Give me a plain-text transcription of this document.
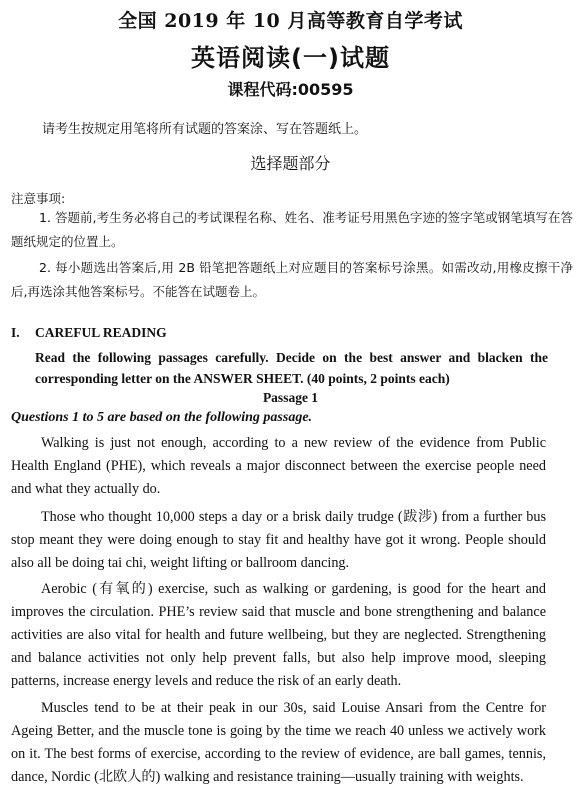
全国 2019 年 10 月高等教育自学考试
英语阅读(一)试题
课程代码:00595
请考生按规定用笔将所有试题的答案涂、写在答题纸上。
选择题部分
注意事项:

1. 答题前,考生务必将自己的考试课程名称、姓名、准考证号用黑色字迹的签字笔或钢笔填写在答题纸规定的位置上。

2. 每小题选出答案后,用 2B 铅笔把答题纸上对应题目的答案标号涂黑。如需改动,用橡皮擦干净后,再选涂其他答案标号。不能答在试题卷上。

I. CAREFUL READING

Read the following passages carefully. Decide on the best answer and blacken the corresponding letter on the ANSWER SHEET. (40 points, 2 points each)

Passage 1
Questions 1 to 5 are based on the following passage.

Walking is just not enough, according to a new review of the evidence from Public Health England (PHE), which reveals a major disconnect between the exercise people need and what they actually do.

Those who thought 10,000 steps a day or a brisk daily trudge (跋涉) from a further bus stop meant they were doing enough to stay fit and healthy have got it wrong. People should also all be doing tai chi, weight lifting or ballroom dancing.

Aerobic (有氧的) exercise, such as walking or gardening, is good for the heart and improves the circulation. PHE’s review said that muscle and bone strengthening and balance activities are also vital for health and future wellbeing, but they are neglected. Strengthening and balance activities not only help prevent falls, but also help improve mood, sleeping patterns, increase energy levels and reduce the risk of an early death.

Muscles tend to be at their peak in our 30s, said Louise Ansari from the Centre for Ageing Better, and the muscle tone is going by the time we reach 40 unless we actively work on it. The best forms of exercise, according to the review of evidence, are ball games, tennis, dance, Nordic (北欧人的) walking and resistance training—usually training with weights.
